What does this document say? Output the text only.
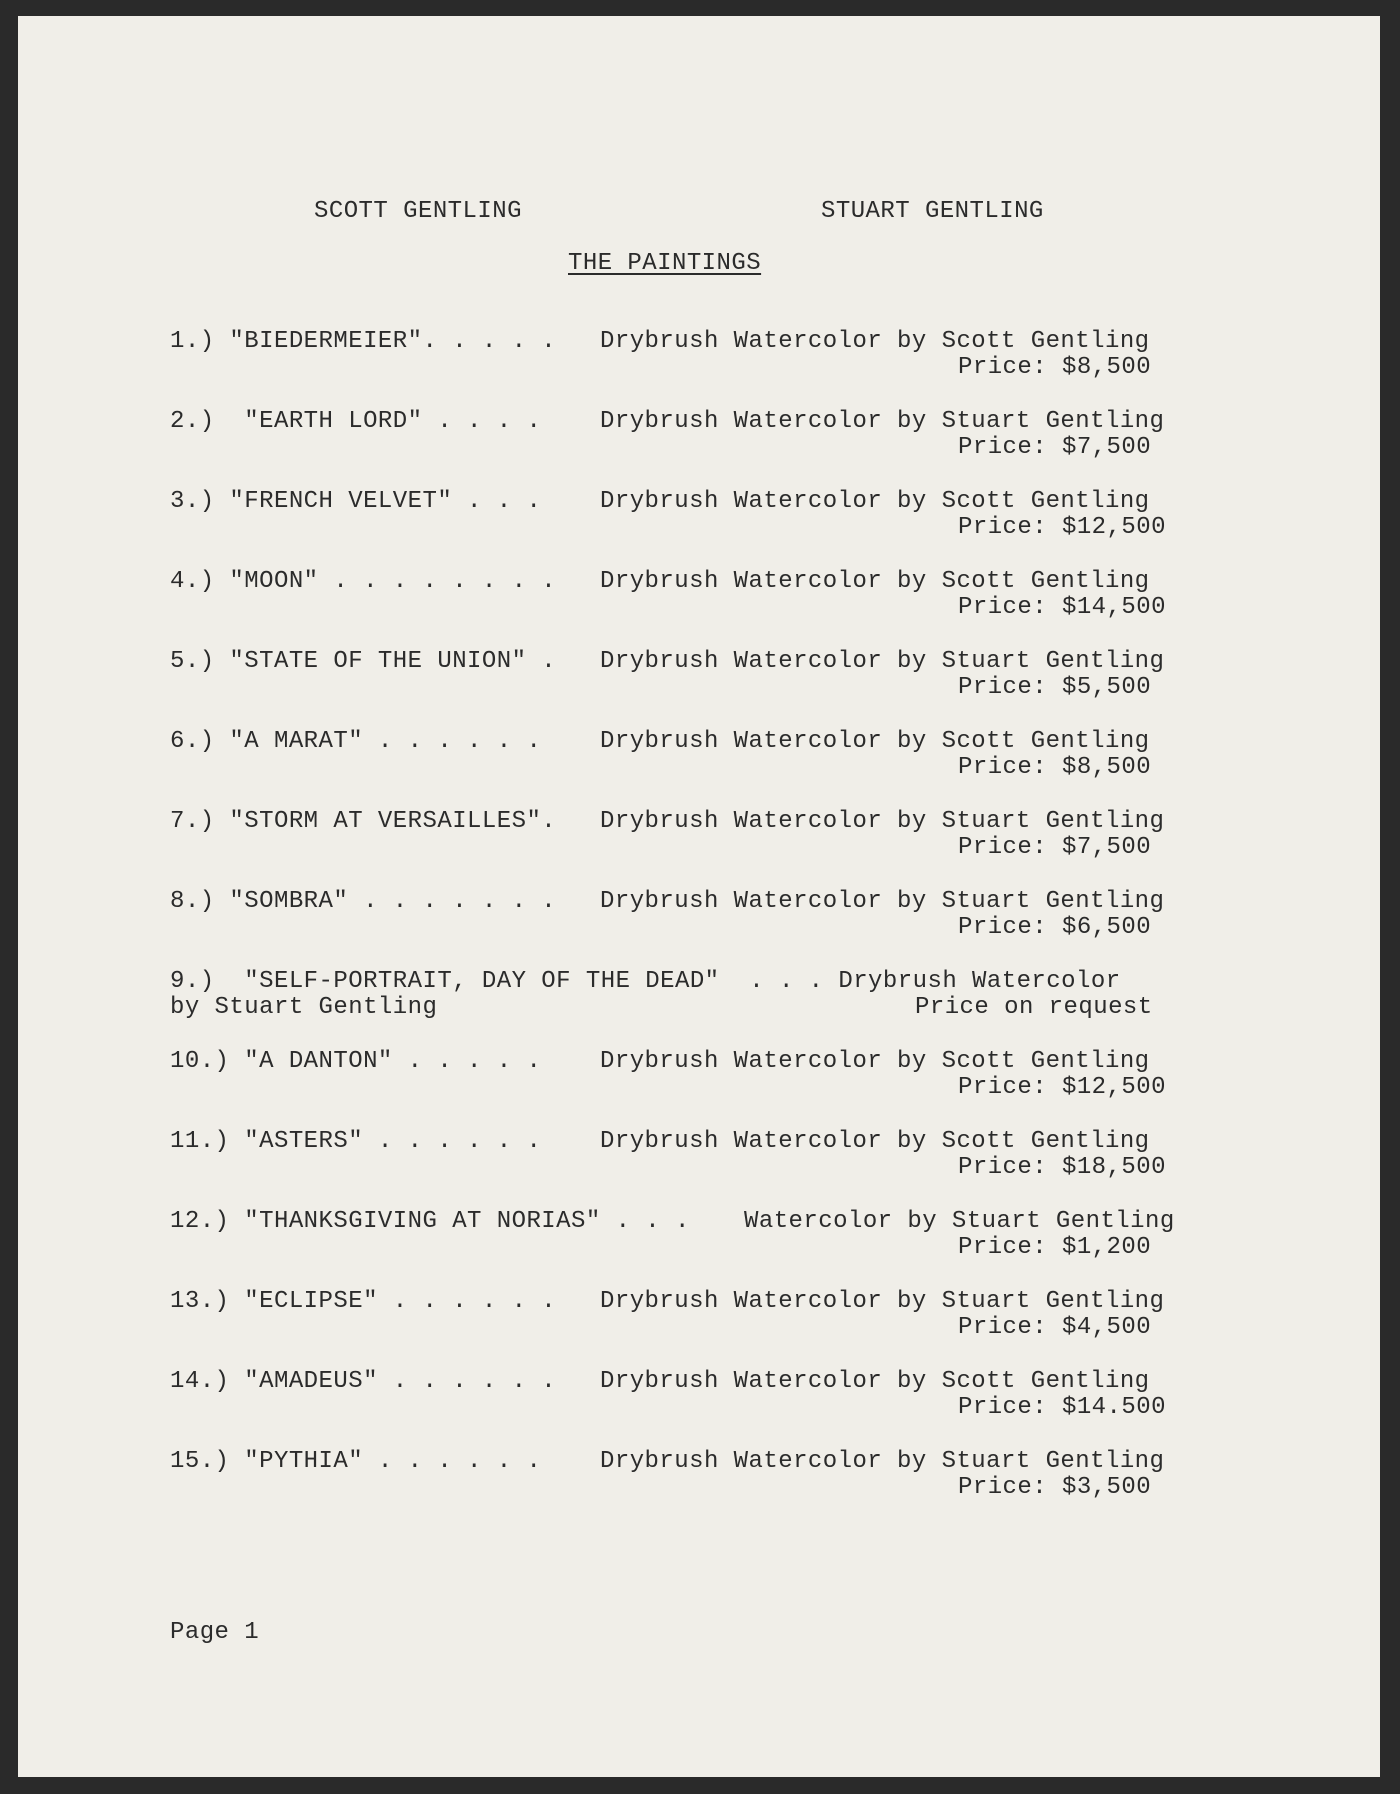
SCOTT GENTLING	STUART GENTLING
THE PAINTINGS
1.) "BIEDERMEIER". . . . . Drybrush Watercolor by Scott Gentling
Price: $8,500
2.)  "EARTH LORD" . . . . Drybrush Watercolor by Stuart Gentling
Price: $7,500
3.) "FRENCH VELVET" . . . Drybrush Watercolor by Scott Gentling
Price: $12,500
4.) "MOON" . . . . . . . . Drybrush Watercolor by Scott Gentling
Price: $14,500
5.) "STATE OF THE UNION" . Drybrush Watercolor by Stuart Gentling
Price: $5,500
6.) "A MARAT" . . . . . . Drybrush Watercolor by Scott Gentling
Price: $8,500
7.) "STORM AT VERSAILLES". Drybrush Watercolor by Stuart Gentling
Price: $7,500
8.) "SOMBRA" . . . . . . . Drybrush Watercolor by Stuart Gentling
Price: $6,500
9.)  "SELF-PORTRAIT, DAY OF THE DEAD"  . . . Drybrush Watercolor
by Stuart Gentling	Price on request
10.) "A DANTON" . . . . . Drybrush Watercolor by Scott Gentling
Price: $12,500
11.) "ASTERS" . . . . . . Drybrush Watercolor by Scott Gentling
Price: $18,500
12.) "THANKSGIVING AT NORIAS" . . . Watercolor by Stuart Gentling
Price: $1,200
13.) "ECLIPSE" . . . . . . Drybrush Watercolor by Stuart Gentling
Price: $4,500
14.) "AMADEUS" . . . . . . Drybrush Watercolor by Scott Gentling
Price: $14.500
15.) "PYTHIA" . . . . . . Drybrush Watercolor by Stuart Gentling
Price: $3,500
Page 1
